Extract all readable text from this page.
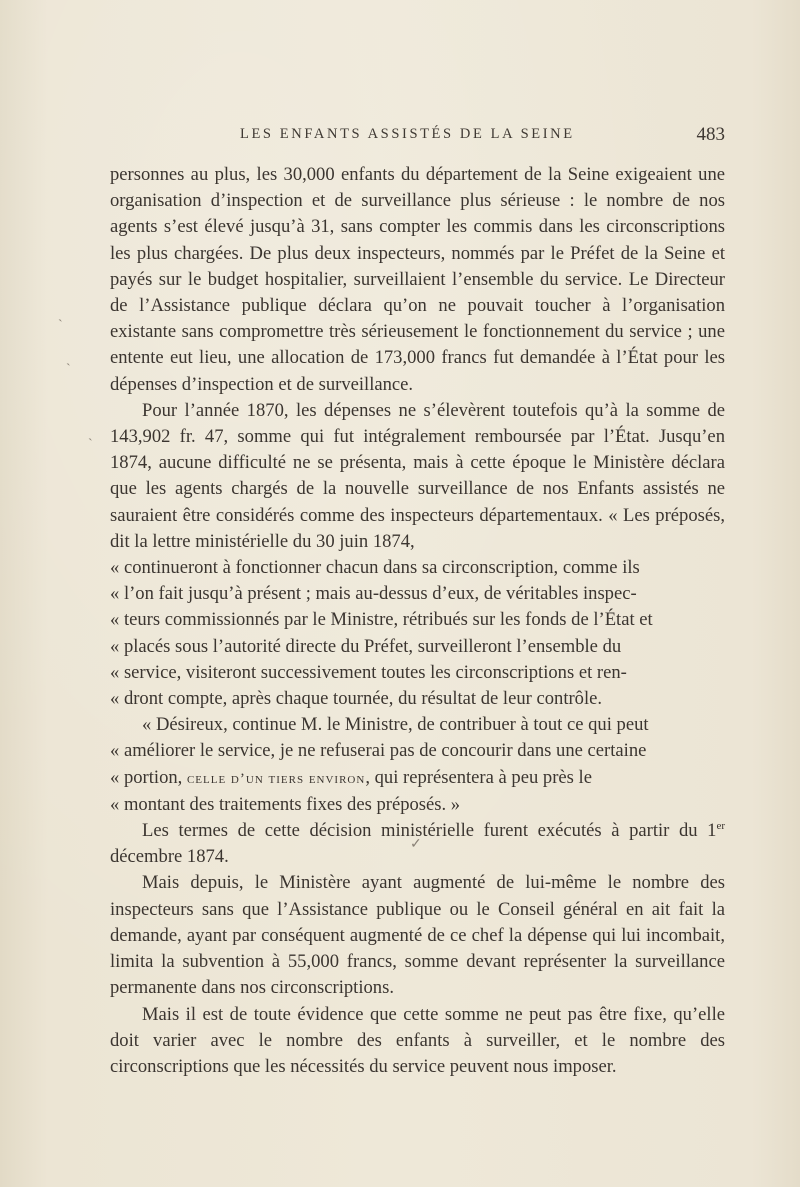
LES ENFANTS ASSISTÉS DE LA SEINE	483

personnes au plus, les 30,000 enfants du département de la Seine exigeaient une organisation d’inspection et de surveillance plus sérieuse : le nombre de nos agents s’est élevé jusqu’à 31, sans compter les commis dans les circonscriptions les plus chargées. De plus deux inspecteurs, nommés par le Préfet de la Seine et payés sur le budget hospitalier, surveillaient l’ensemble du service. Le Directeur de l’Assistance publique déclara qu’on ne pouvait toucher à l’organisation existante sans compromettre très sérieusement le fonctionnement du service ; une entente eut lieu, une allocation de 173,000 francs fut demandée à l’État pour les dépenses d’inspection et de surveillance.

Pour l’année 1870, les dépenses ne s’élevèrent toutefois qu’à la somme de 143,902 fr. 47, somme qui fut intégralement remboursée par l’État. Jusqu’en 1874, aucune difficulté ne se présenta, mais à cette époque le Ministère déclara que les agents chargés de la nouvelle surveillance de nos Enfants assistés ne sauraient être considérés comme des inspecteurs départementaux. « Les préposés, dit la lettre ministérielle du 30 juin 1874,

« continueront à fonctionner chacun dans sa circonscription, comme ils

« l’on fait jusqu’à présent ; mais au-dessus d’eux, de véritables inspec-

« teurs commissionnés par le Ministre, rétribués sur les fonds de l’État et

« placés sous l’autorité directe du Préfet, surveilleront l’ensemble du

« service, visiteront successivement toutes les circonscriptions et ren-

« dront compte, après chaque tournée, du résultat de leur contrôle.

« Désireux, continue M. le Ministre, de contribuer à tout ce qui peut

« améliorer le service, je ne refuserai pas de concourir dans une certaine

« portion, celle d’un tiers environ, qui représentera à peu près le

« montant des traitements fixes des préposés. »

Les termes de cette décision ministérielle furent exécutés à partir du 1er décembre 1874.

Mais depuis, le Ministère ayant augmenté de lui-même le nombre des inspecteurs sans que l’Assistance publique ou le Conseil général en ait fait la demande, ayant par conséquent augmenté de ce chef la dépense qui lui incombait, limita la subvention à 55,000 francs, somme devant représenter la surveillance permanente dans nos circonscriptions.

Mais il est de toute évidence que cette somme ne peut pas être fixe, qu’elle doit varier avec le nombre des enfants à surveiller, et le nombre des circonscriptions que les nécessités du service peuvent nous imposer.

ˋ
ˋ
ˋ
✓
